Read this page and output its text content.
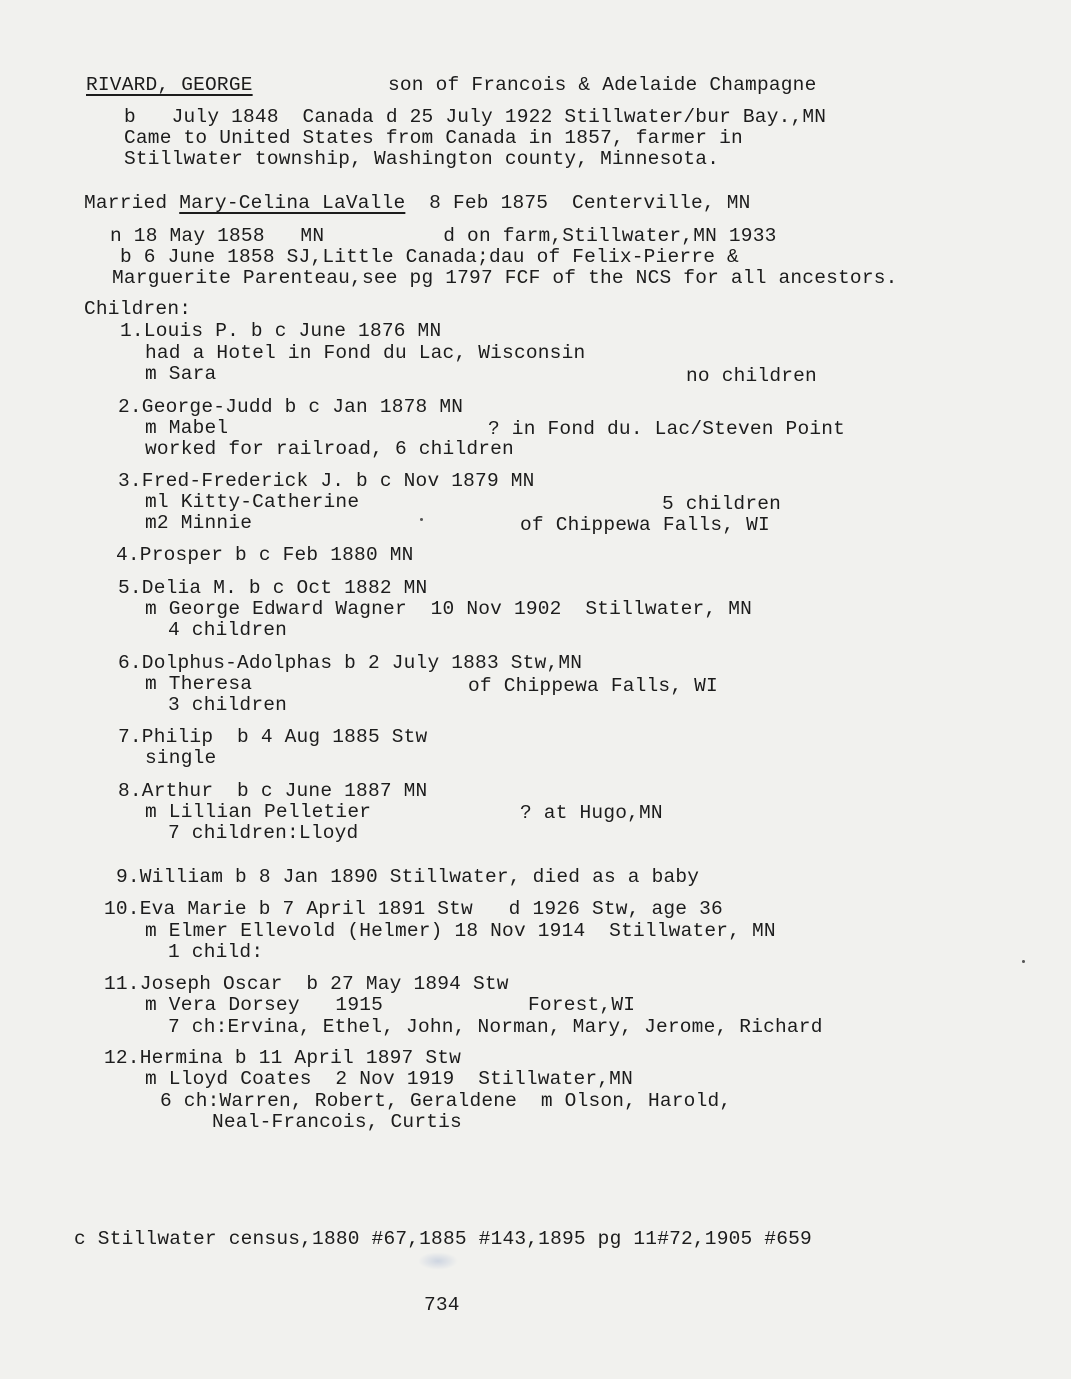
RIVARD, GEORGE	son of Francois & Adelaide Champagne
b   July 1848  Canada d 25 July 1922 Stillwater/bur Bay.,MN
Came to United States from Canada in 1857, farmer in
Stillwater township, Washington county, Minnesota.
Married Mary-Celina LaValle  8 Feb 1875  Centerville, MN
n 18 May 1858   MN          d on farm,Stillwater,MN 1933
b 6 June 1858 SJ,Little Canada;dau of Felix-Pierre &
Marguerite Parenteau,see pg 1797 FCF of the NCS for all ancestors.
Children:
1.Louis P. b c June 1876 MN
had a Hotel in Fond du Lac, Wisconsin
m Sara	no children
2.George-Judd b c Jan 1878 MN
m Mabel	? in Fond du. Lac/Steven Point
worked for railroad, 6 children
3.Fred-Frederick J. b c Nov 1879 MN
ml Kitty-Catherine	5 children
m2 Minnie	of Chippewa Falls, WI
4.Prosper b c Feb 1880 MN
5.Delia M. b c Oct 1882 MN
m George Edward Wagner  10 Nov 1902  Stillwater, MN
4 children
6.Dolphus-Adolphas b 2 July 1883 Stw,MN
m Theresa	of Chippewa Falls, WI
3 children
7.Philip  b 4 Aug 1885 Stw
single
8.Arthur  b c June 1887 MN
m Lillian Pelletier	? at Hugo,MN
7 children:Lloyd
9.William b 8 Jan 1890 Stillwater, died as a baby
10.Eva Marie b 7 April 1891 Stw   d 1926 Stw, age 36
m Elmer Ellevold (Helmer) 18 Nov 1914  Stillwater, MN
1 child:
11.Joseph Oscar  b 27 May 1894 Stw
m Vera Dorsey   1915	Forest,WI
7 ch:Ervina, Ethel, John, Norman, Mary, Jerome, Richard
12.Hermina b 11 April 1897 Stw
m Lloyd Coates  2 Nov 1919  Stillwater,MN
6 ch:Warren, Robert, Geraldene  m Olson, Harold,
Neal-Francois, Curtis
c Stillwater census,1880 #67,1885 #143,1895 pg 11#72,1905 #659
734
